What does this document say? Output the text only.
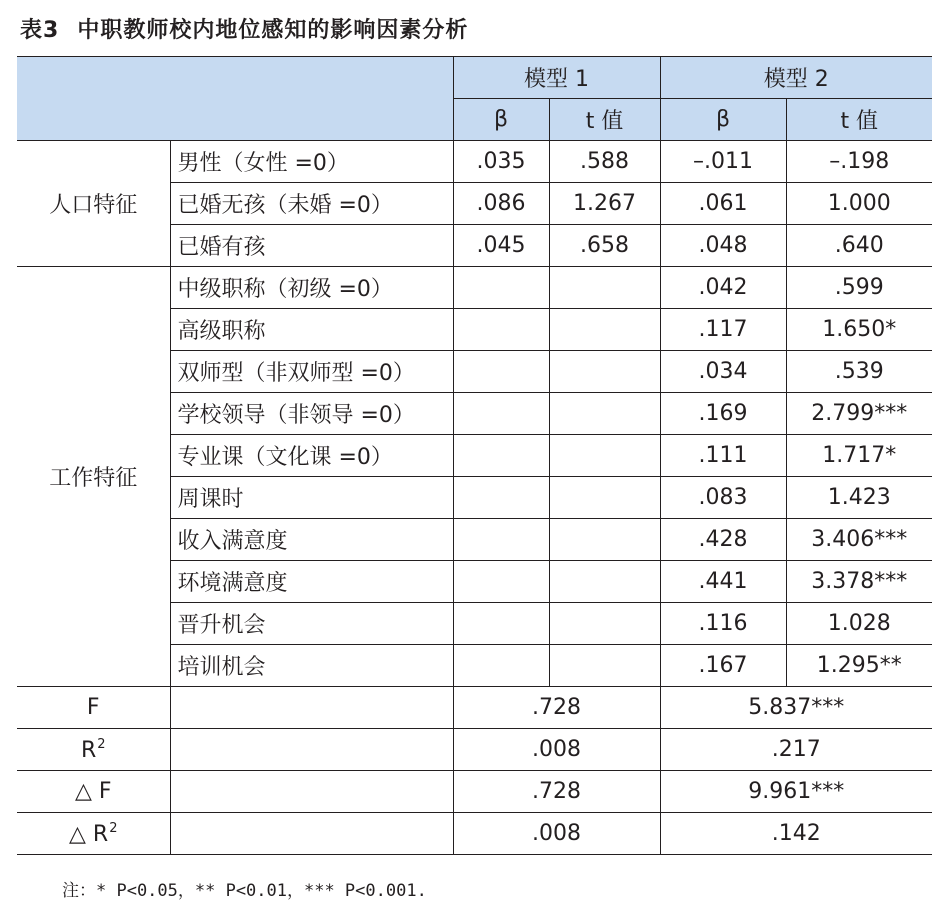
表3 中职教师校内地位感知的影响因素分析
		模型 1		模型 2	
		β	t 值	β	t 值
人口特征	男性（女性 =0）	.035	.588	–.011	–.198
	已婚无孩（未婚 =0）	.086	1.267	.061	1.000
	已婚有孩	.045	.658	.048	.640
工作特征	中级职称（初级 =0）			.042	.599
	高级职称			.117	1.650*
	双师型（非双师型 =0）			.034	.539
	学校领导（非领导 =0）			.169	2.799***
	专业课（文化课 =0）			.111	1.717*
	周课时			.083	1.423
	收入满意度			.428	3.406***
	环境满意度			.441	3.378***
	晋升机会			.116	1.028
	培训机会			.167	1.295**
F		.728		5.837***	
$R^2$		.008		.217	
△ F		.728		9.961***	
△ $R^2$		.008		.142	
注：* P<0.05，** P<0.01，*** P<0.001.
